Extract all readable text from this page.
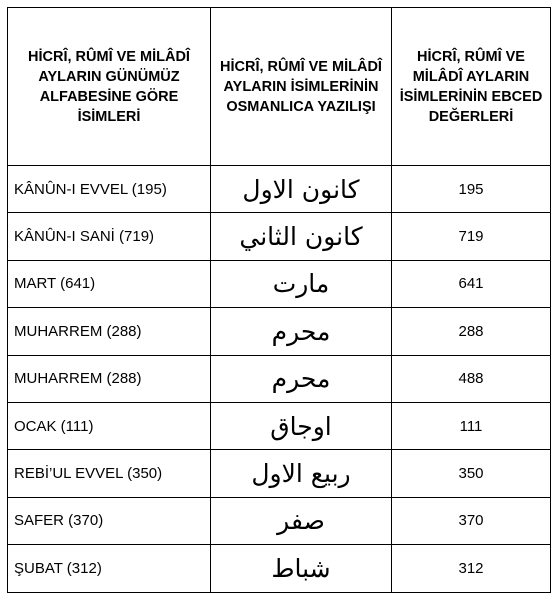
HİCRÎ, RÛMÎ VE MİLÂDÎ AYLARIN GÜNÜMÜZ ALFABESİNE GÖRE İSİMLERİ	HİCRÎ, RÛMÎ VE MİLÂDÎ AYLARIN İSİMLERİNİN OSMANLICA YAZILIŞI	HİCRÎ, RÛMÎ VE MİLÂDÎ AYLARIN İSİMLERİNİN EBCED DEĞERLERİ
KÂNÛN-I EVVEL (195)	كانون الاول	195
KÂNÛN-I SANİ (719)	كانون الثاني	719
MART (641)	مارت	641
MUHARREM (288)	محرم	288
MUHARREM (288)	محرم	488
OCAK (111)	اوجاق	111
REBİ’UL EVVEL (350)	ربيع الاول	350
SAFER (370)	صفر	370
ŞUBAT (312)	شباط	312
